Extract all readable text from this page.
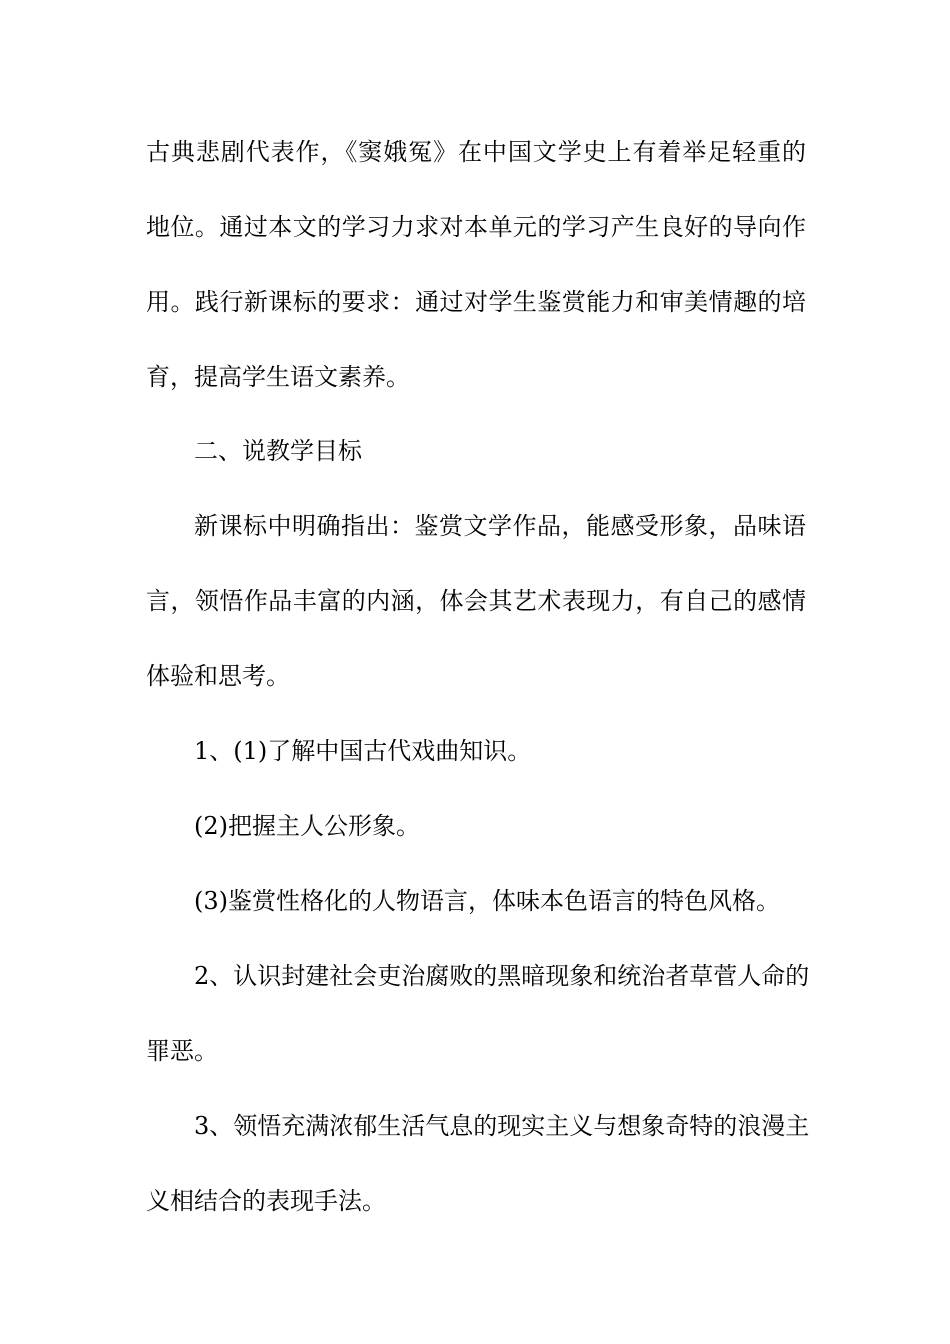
古典悲剧代表作，《窦娥冤》在中国文学史上有着举足轻重的

地位。通过本文的学习力求对本单元的学习产生良好的导向作

用。践行新课标的要求：通过对学生鉴赏能力和审美情趣的培

育，提高学生语文素养。

二、说教学目标

新课标中明确指出：鉴赏文学作品，能感受形象，品味语

言，领悟作品丰富的内涵，体会其艺术表现力，有自己的感情

体验和思考。

1、(1)了解中国古代戏曲知识。

(2)把握主人公形象。

(3)鉴赏性格化的人物语言，体味本色语言的特色风格。

2、认识封建社会吏治腐败的黑暗现象和统治者草菅人命的

罪恶。

3、领悟充满浓郁生活气息的现实主义与想象奇特的浪漫主

义相结合的表现手法。
